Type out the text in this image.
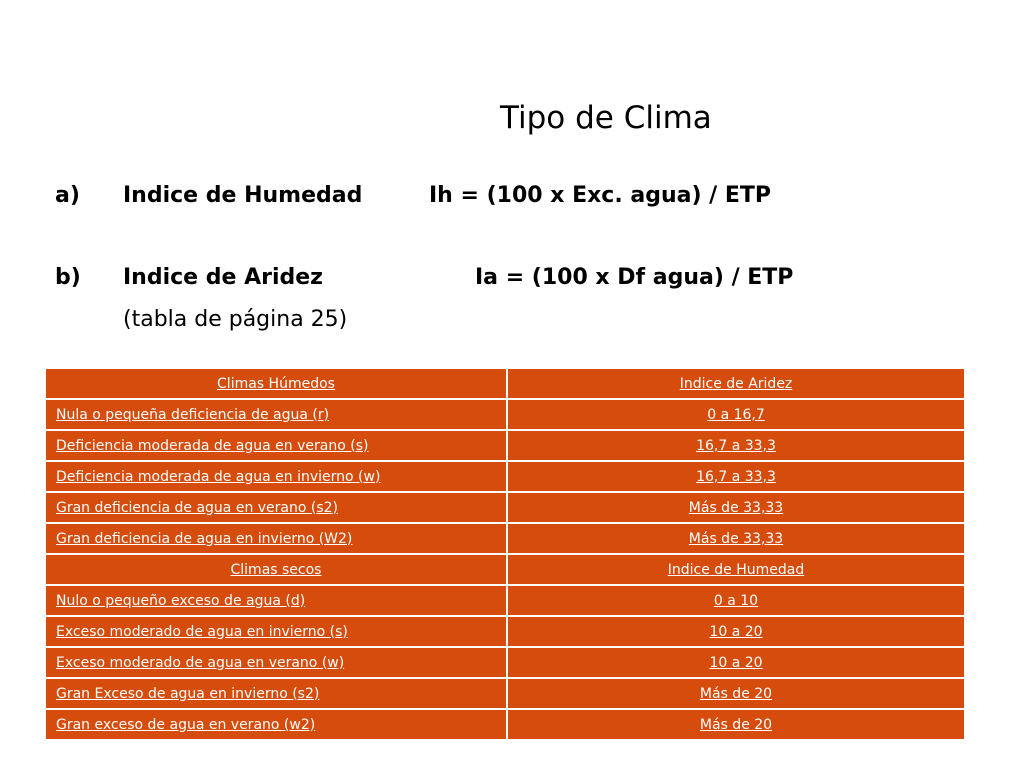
Tipo de Clima
a) Indice de Humedad	Ih = (100 x Exc. agua) / ETP
b) Indice de Aridez	Ia = (100 x Df agua) / ETP
(tabla de página 25)
Climas Húmedos	Indice de Aridez
Nula o pequeña deficiencia de agua (r)	0 a 16,7
Deficiencia moderada de agua en verano (s)	16,7 a 33,3
Deficiencia moderada de agua en invierno (w)	16,7 a 33,3
Gran deficiencia de agua en verano (s2)	Más de 33,33
Gran deficiencia de agua en invierno (W2)	Más de 33,33
Climas secos	Indice de Humedad
Nulo o pequeño exceso de agua (d)	0 a 10
Exceso moderado de agua en invierno (s)	10 a 20
Exceso moderado de agua en verano (w)	10 a 20
Gran Exceso de agua en invierno (s2)	Más de 20
Gran exceso de agua en verano (w2)	Más de 20
